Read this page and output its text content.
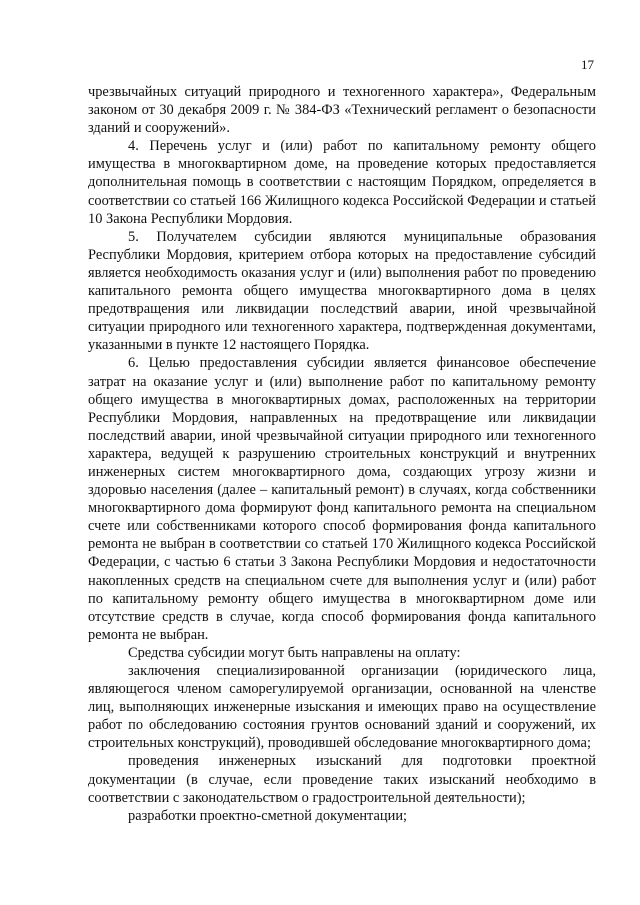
17

чрезвычайных ситуаций природного и техногенного характера», Федеральным законом от 30 декабря 2009 г. № 384-ФЗ «Технический регламент о безопасности зданий и сооружений».

4. Перечень услуг и (или) работ по капитальному ремонту общего имущества в многоквартирном доме, на проведение которых предоставляется дополнительная помощь в соответствии с настоящим Порядком, определяется в соответствии со статьей 166 Жилищного кодекса Российской Федерации и статьей 10 Закона Республики Мордовия.

5. Получателем субсидии являются муниципальные образования Республики Мордовия, критерием отбора которых на предоставление субсидий является необходимость оказания услуг и (или) выполнения работ по проведению капитального ремонта общего имущества многоквартирного дома в целях предотвращения или ликвидации последствий аварии, иной чрезвычайной ситуации природного или техногенного характера, подтвержденная документами, указанными в пункте 12 настоящего Порядка.

6. Целью предоставления субсидии является финансовое обеспечение затрат на оказание услуг и (или) выполнение работ по капитальному ремонту общего имущества в многоквартирных домах, расположенных на территории Республики Мордовия, направленных на предотвращение или ликвидации последствий аварии, иной чрезвычайной ситуации природного или техногенного характера, ведущей к разрушению строительных конструкций и внутренних инженерных систем многоквартирного дома, создающих угрозу жизни и здоровью населения (далее – капитальный ремонт) в случаях, когда собственники многоквартирного дома формируют фонд капитального ремонта на специальном счете или собственниками которого способ формирования фонда капитального ремонта не выбран в соответствии со статьей 170 Жилищного кодекса Российской Федерации, с частью 6 статьи 3 Закона Республики Мордовия и недостаточности накопленных средств на специальном счете для выполнения услуг и (или) работ по капитальному ремонту общего имущества в многоквартирном доме или отсутствие средств в случае, когда способ формирования фонда капитального ремонта не выбран.

Средства субсидии могут быть направлены на оплату:

заключения специализированной организации (юридического лица, являющегося членом саморегулируемой организации, основанной на членстве лиц, выполняющих инженерные изыскания и имеющих право на осуществление работ по обследованию состояния грунтов оснований зданий и сооружений, их строительных конструкций), проводившей обследование многоквартирного дома;

проведения инженерных изысканий для подготовки проектной документации (в случае, если проведение таких изысканий необходимо в соответствии с законодательством о градостроительной деятельности);

разработки проектно-сметной документации;
